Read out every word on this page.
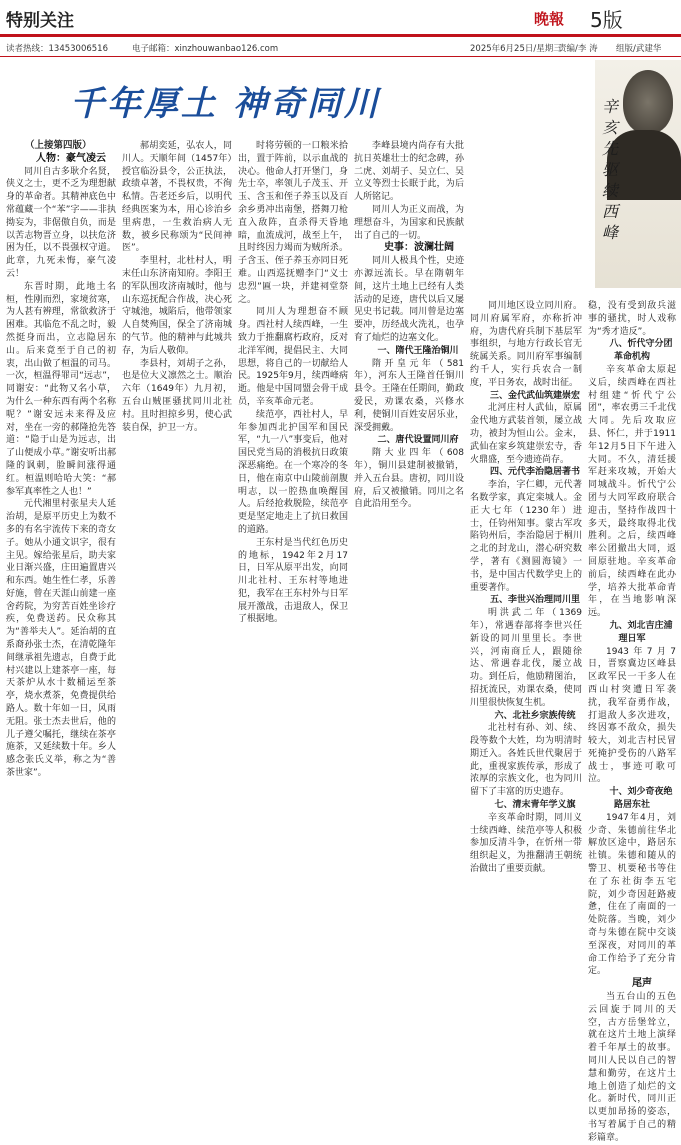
特别关注	晚報 5版
读者热线：13453006516	电子邮箱：xinzhouwanbao126.com	2025年6月25日/星期三
责编/李 涛 组版/武建华
千年厚土 神奇同川	辛亥先驱续西峰

（上接第四版）

人物：豪气凌云

同川自古多耿介名贤，侠义之士，更不乏为理想献身的革命者。其精神底色中常蕴藏一个“苯”字——非执拗妄为，非倨傲自负，而是以苦志物晋立身，以扶危济困为任，以不畏强权守道。此章，九死未悔，豪气凌云！

东晋时期，此地土名桓，性刚而烈，家境贫寒，为人甚有辨理，常欲救济于困难。其临危不乱之时，毅然挺身而出，立志隐居东山。后来竟至于自己的初衷，出山做了桓温的司马。一次，桓温得罪司“远志”，同谢安：“此物又名小草，为什么一种东西有两个名称呢？”谢安远未来得及应对，坐在一旁的郝隆抢先答道：“隐于山是为远志，出了山便成小草。”谢安听出郝隆的讽刺，脸瞬间涨得通红。桓温则哈哈大笑：“郝参军真率性之人也！”

元代湘里村张星夫人延治胡，是原平历史上为数不多的有名宇流传下来的奇女子。她从小通文识字，很有主见。嫁给张星后，助夫家业日渐兴盛，庄田遍置唐兴和东西。她生性仁孝，乐善好施，曾在天涯山前建一座舍药院，为穷苦百姓坐诊疗疾，免费送药。民众称其为“善举夫人”。延治胡的直系裔孙张士杰，在清乾隆年间继承祖先遗志，自费于此村兴建以上建茶亭一座，每天茶炉从水十数桶运至茶亭，烧水煮茶，免费提供给路人。数十年如一日，风雨无阻。张士杰去世后，他的儿子遵父嘱托，继续在茶亭施茶，又延续数十年。乡人感念张氏义举，称之为“善茶世家”。

郝胡奕延，弘农人，同川人。天顺年间（1457年）授官临汾县令，公正执法，政绩卓著，不畏权贵，不徇私情。告老还乡后，以明代经典医案为本，用心诊治乡里病患，一生救治病人无数，被乡民称颂为“民间神医”。

李里村，北杜村人，明末任山东济南知府。李阳王的军队围攻济南城时，他与山东巡抚配合作战，决心死守城池，城陷后，他带领家人自焚殉国，保全了济南城的气节。他的精神与此城共存，为后人敬仰。

李县村，刘胡子之孙，也是位大义凛然之士。顺治六年（1649年）九月初，五台山贼匪骚扰同川北社村。且时担掠乡男，使心武装自保，护卫一方。

时将劳顿的一口粮米拾出，置于阵前，以示血战的决心。他命人打开堡门，身先士卒，率领儿子茂玉、开玉、含玉和侄子养玉以及百余乡勇冲出南堡，搭舞刀枪直入敌阵，直杀得天昏地暗，血流成河，战至上午，且时终因力竭而为贼所杀。子含玉、侄子养玉亦同日死难。山西巡抚赠李门“义士忠烈”匾一块，并建祠堂祭之。

同川人为理想奋不顾身。西社村人续西峰，一生致力于推翻腐朽政府，反对北洋军阀，提倡民主、大同思想，将自己的一切献给人民。1925年9月，续西峰病逝。他是中国同盟会骨干成员，辛亥革命元老。

续范亭，西社村人，早年参加西北护国军和国民军，“九一八”事变后，他对国民党当局的消极抗日政策深恶痛绝。在一个寒冷的冬日，他在南京中山陵前剖腹明志，以一腔热血唤醒国人。后经抢救脱险，续范亭更是坚定地走上了抗日救国的道路。

王东村是当代红色历史的地标，1942年2月17日，日军从原平出发，向同川北社村、王东村等地进犯，我军在王东村外与日军展开激战，击退敌人，保卫了根据地。

李峰县境内尚存有大批抗日英雄壮士的纪念碑，孙二虎、刘胡子、吴立仁、吴立义等烈士长眠于此，为后人所铭记。

同川人为正义而战，为理想奋斗，为国家和民族献出了自己的一切。

史事：波澜壮阔

同川人极具个性，史迹亦源远流长。早在隋朝年间，这片土地上已经有人类活动的足迹，唐代以后又屡见史书记载。同川曾是边塞要冲，历经战火洗礼，也孕育了灿烂的边塞文化。

一、隋代王隆治铜川

隋开皇元年（581年），河东人王隆首任铜川县令。王隆在任期间，勤政爱民，劝课农桑，兴修水利，使铜川百姓安居乐业，深受拥戴。

二、唐代设置同川府

隋大业四年（608年），铜川县建制被撤销，并入五台县。唐初，同川设府，后又被撤销。同川之名自此沿用至今。

同川地区设立同川府。同川府属军府，亦称折冲府，为唐代府兵制下基层军事组织，与地方行政长官无统属关系。同川府军事编制约千人，实行兵农合一制度，平日务农，战时出征。

三、金代武仙筑建崇宏

北河庄村人武仙，原属金代地方武装首领，屡立战功，被封为恒山公。金末，武仙在家乡筑建崇宏寺，香火鼎盛，至今遗迹尚存。

四、元代李治隐居著书

李治，字仁卿，元代著名数学家，真定栾城人。金正大七年（1230年）进士，任钧州知事。蒙古军攻陷钧州后，李治隐居于桐川之北的封龙山，潜心研究数学，著有《测圆海镜》一书，是中国古代数学史上的重要著作。

五、李世兴治理同川里

明洪武二年（1369年），常遇春部将李世兴任新设的同川里里长。李世兴，河南商丘人，跟随徐达、常遇春北伐，屡立战功。到任后，他励精图治，招抚流民，劝课农桑，使同川里很快恢复生机。

六、北社乡宗族传统

北社村有孙、刘、续、段等数个大姓，均为明清时期迁入。各姓氏世代聚居于此，重视家族传承，形成了浓厚的宗族文化，也为同川留下了丰富的历史遗存。

七、清末青年学义旗

辛亥革命时期，同川义士续西峰、续范亭等人积极参加反清斗争，在忻州一带组织起义，为推翻清王朝统治做出了重要贡献。

稳，没有受到敌兵滋事的骚扰，时人戏称为“秀才造反”。

八、忻代守分团革命机构

辛亥革命太原起义后，续西峰在西社村组建“忻代宁公团”，率农勇三千北伐大同。先后攻取应县、怀仁，并于1911年12月5日下午进入大同。不久，清廷援军赶来攻城，开始大同城战斗。忻代宁公团与大同军政府联合迎击，坚持作战四十多天，最终取得北伐胜利。之后，续西峰率公团撤出大同，返回原驻地。辛亥革命前后，续西峰在此办学，培养大批革命青年，在当地影响深远。

九、刘北吉庄浦理日军

1943年7月7日，晋察冀边区峰县区政军民一干多人在西山村突遭日军袭扰，我军奋勇作战，打退敌人多次进攻，终因寡不敌众，损失较大，刘北吉村民冒死掩护受伤的八路军战士，事迹可歌可泣。

十、刘少奇夜绝路居东社

1947年4月，刘少奇、朱德前往华北解放区途中，路居东社镇。朱德和随从的警卫、机要秘书等住在了东社街李五宅院，刘少奇因赶路疲惫，住在了南面的一处院落。当晚，刘少奇与朱德在院中交谈至深夜，对同川的革命工作给予了充分肯定。

尾声

当五台山的五色云回旋于同川的天空，古方岳堡耸立，就在这片土地上演绎着千年厚土的故事。同川人民以自己的智慧和勤劳，在这片土地上创造了灿烂的文化。新时代，同川正以更加昂扬的姿态，书写着属于自己的精彩篇章。
